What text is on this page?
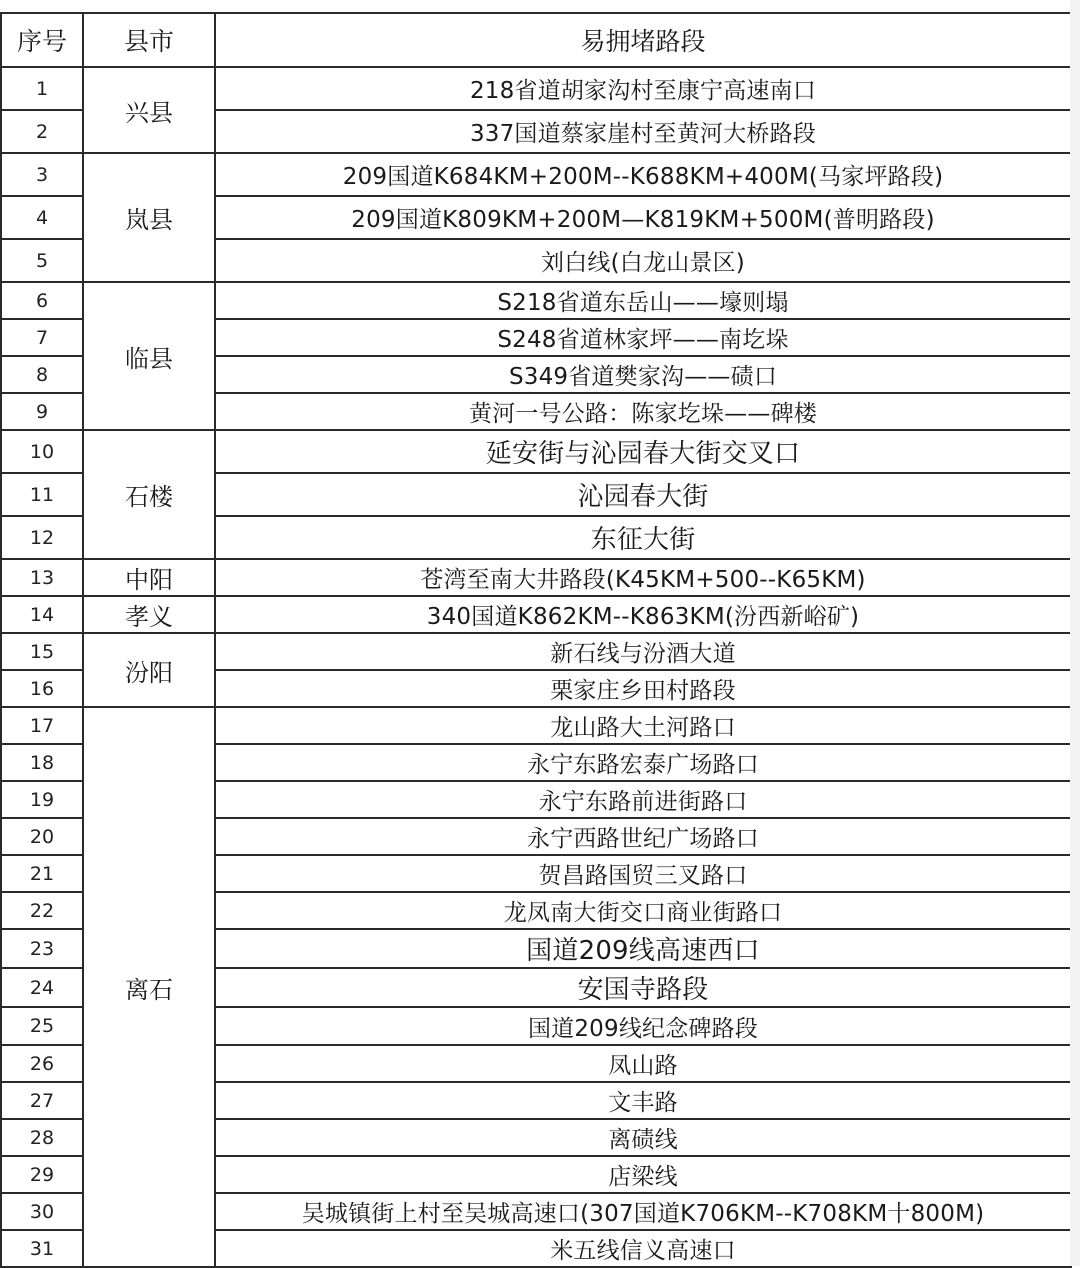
序号	县市	易拥堵路段
1	兴县	218省道胡家沟村至康宁高速南口
2		337国道蔡家崖村至黄河大桥路段
3	岚县	209国道K684KM+200M--K688KM+400M(马家坪路段)
4		209国道K809KM+200M—K819KM+500M(普明路段)
5		刘白线(白龙山景区)
6	临县	S218省道东岳山——壕则塌
7		S248省道林家坪——南圪垛
8		S349省道樊家沟——碛口
9		黄河一号公路：陈家圪垛——碑楼
10	石楼	延安街与沁园春大街交叉口
11		沁园春大街
12		东征大街
13	中阳	苍湾至南大井路段(K45KM+500--K65KM)
14	孝义	340国道K862KM--K863KM(汾西新峪矿)
15	汾阳	新石线与汾酒大道
16		栗家庄乡田村路段
17	离石	龙山路大土河路口
18		永宁东路宏泰广场路口
19		永宁东路前进街路口
20		永宁西路世纪广场路口
21		贺昌路国贸三叉路口
22		龙凤南大街交口商业街路口
23		国道209线高速西口
24		安国寺路段
25		国道209线纪念碑路段
26		凤山路
27		文丰路
28		离碛线
29		店梁线
30		吴城镇街上村至吴城高速口(307国道K706KM--K708KM十800M)
31		米五线信义高速口
